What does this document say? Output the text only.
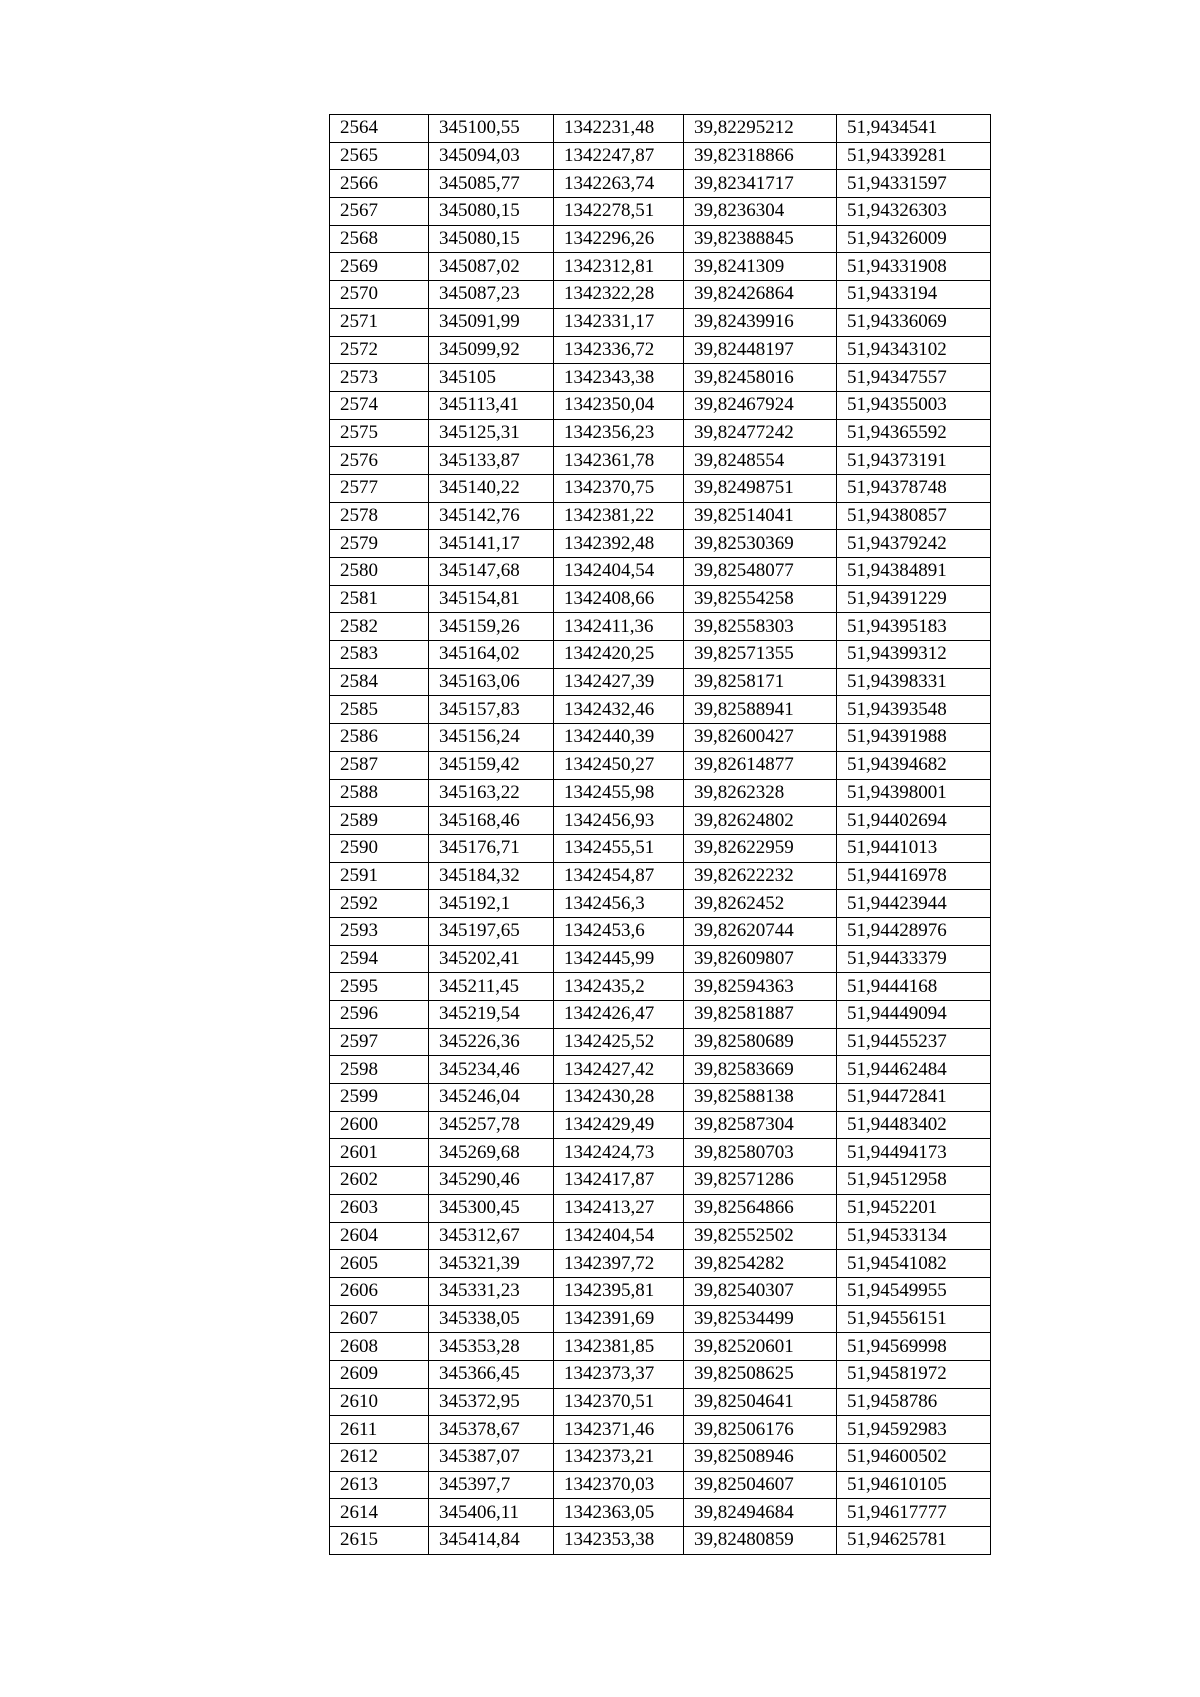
2564	345100,55	1342231,48	39,82295212	51,9434541
2565	345094,03	1342247,87	39,82318866	51,94339281
2566	345085,77	1342263,74	39,82341717	51,94331597
2567	345080,15	1342278,51	39,8236304	51,94326303
2568	345080,15	1342296,26	39,82388845	51,94326009
2569	345087,02	1342312,81	39,8241309	51,94331908
2570	345087,23	1342322,28	39,82426864	51,9433194
2571	345091,99	1342331,17	39,82439916	51,94336069
2572	345099,92	1342336,72	39,82448197	51,94343102
2573	345105	1342343,38	39,82458016	51,94347557
2574	345113,41	1342350,04	39,82467924	51,94355003
2575	345125,31	1342356,23	39,82477242	51,94365592
2576	345133,87	1342361,78	39,8248554	51,94373191
2577	345140,22	1342370,75	39,82498751	51,94378748
2578	345142,76	1342381,22	39,82514041	51,94380857
2579	345141,17	1342392,48	39,82530369	51,94379242
2580	345147,68	1342404,54	39,82548077	51,94384891
2581	345154,81	1342408,66	39,82554258	51,94391229
2582	345159,26	1342411,36	39,82558303	51,94395183
2583	345164,02	1342420,25	39,82571355	51,94399312
2584	345163,06	1342427,39	39,8258171	51,94398331
2585	345157,83	1342432,46	39,82588941	51,94393548
2586	345156,24	1342440,39	39,82600427	51,94391988
2587	345159,42	1342450,27	39,82614877	51,94394682
2588	345163,22	1342455,98	39,8262328	51,94398001
2589	345168,46	1342456,93	39,82624802	51,94402694
2590	345176,71	1342455,51	39,82622959	51,9441013
2591	345184,32	1342454,87	39,82622232	51,94416978
2592	345192,1	1342456,3	39,8262452	51,94423944
2593	345197,65	1342453,6	39,82620744	51,94428976
2594	345202,41	1342445,99	39,82609807	51,94433379
2595	345211,45	1342435,2	39,82594363	51,9444168
2596	345219,54	1342426,47	39,82581887	51,94449094
2597	345226,36	1342425,52	39,82580689	51,94455237
2598	345234,46	1342427,42	39,82583669	51,94462484
2599	345246,04	1342430,28	39,82588138	51,94472841
2600	345257,78	1342429,49	39,82587304	51,94483402
2601	345269,68	1342424,73	39,82580703	51,94494173
2602	345290,46	1342417,87	39,82571286	51,94512958
2603	345300,45	1342413,27	39,82564866	51,9452201
2604	345312,67	1342404,54	39,82552502	51,94533134
2605	345321,39	1342397,72	39,8254282	51,94541082
2606	345331,23	1342395,81	39,82540307	51,94549955
2607	345338,05	1342391,69	39,82534499	51,94556151
2608	345353,28	1342381,85	39,82520601	51,94569998
2609	345366,45	1342373,37	39,82508625	51,94581972
2610	345372,95	1342370,51	39,82504641	51,9458786
2611	345378,67	1342371,46	39,82506176	51,94592983
2612	345387,07	1342373,21	39,82508946	51,94600502
2613	345397,7	1342370,03	39,82504607	51,94610105
2614	345406,11	1342363,05	39,82494684	51,94617777
2615	345414,84	1342353,38	39,82480859	51,94625781
